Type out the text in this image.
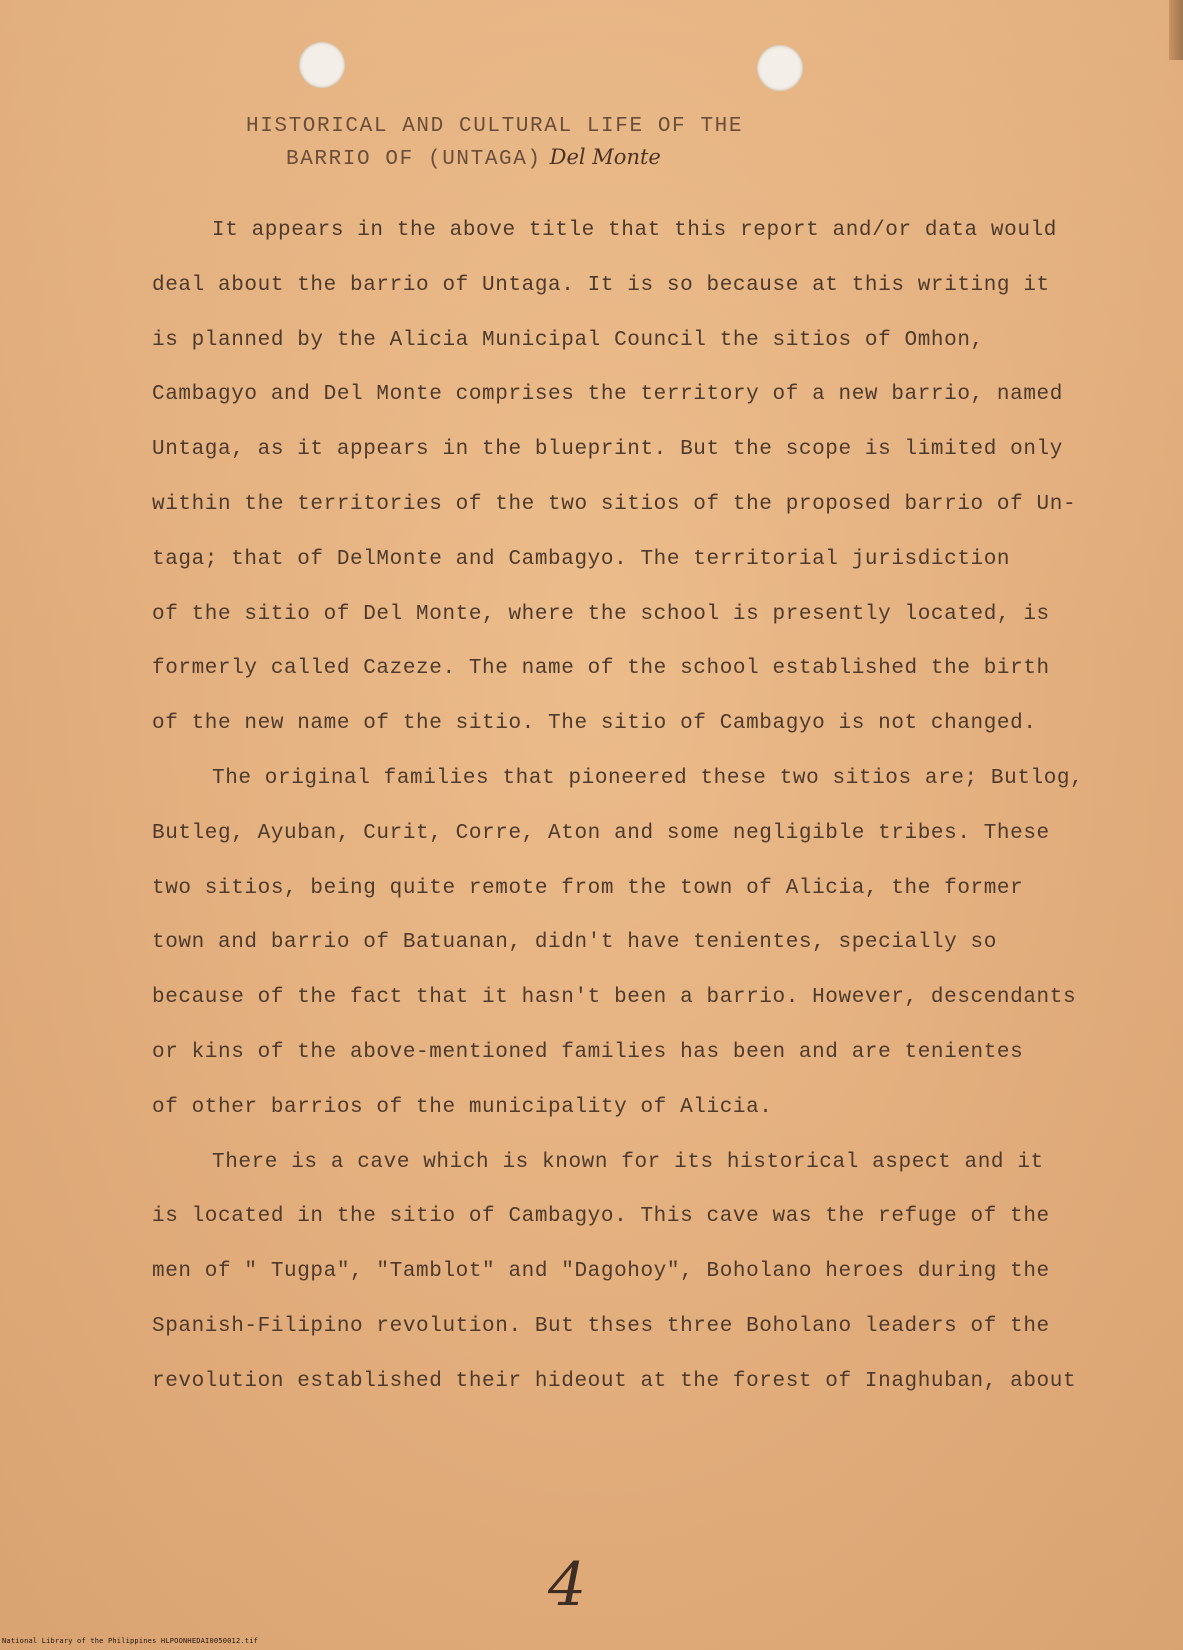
HISTORICAL AND CULTURAL LIFE OF THE
BARRIO OF (UNTAGA) Del Monte
It appears in the above title that this report and/or data would
deal about the barrio of Untaga. It is so because at this writing it
is planned by the Alicia Municipal Council the sitios of Omhon,
Cambagyo and Del Monte comprises the territory of a new barrio, named
Untaga, as it appears in the blueprint. But the scope is limited only
within the territories of the two sitios of the proposed barrio of Un-
taga; that of DelMonte and Cambagyo. The territorial jurisdiction
of the sitio of Del Monte, where the school is presently located, is
formerly called Cazeze. The name of the school established the birth
of the new name of the sitio. The sitio of Cambagyo is not changed.
The original families that pioneered these two sitios are; Butlog,
Butleg, Ayuban, Curit, Corre, Aton and some negligible tribes. These
two sitios, being quite remote from the town of Alicia, the former
town and barrio of Batuanan, didn't have tenientes, specially so
because of the fact that it hasn't been a barrio. However, descendants
or kins of the above-mentioned families has been and are tenientes
of other barrios of the municipality of Alicia.
There is a cave which is known for its historical aspect and it
is located in the sitio of Cambagyo. This cave was the refuge of the
men of " Tugpa", "Tamblot" and "Dagohoy", Boholano heroes during the
Spanish-Filipino revolution. But thses three Boholano leaders of the
revolution established their hideout at the forest of Inaghuban, about
4
National Library of the Philippines HLPOONHEDAI0050012.tif
